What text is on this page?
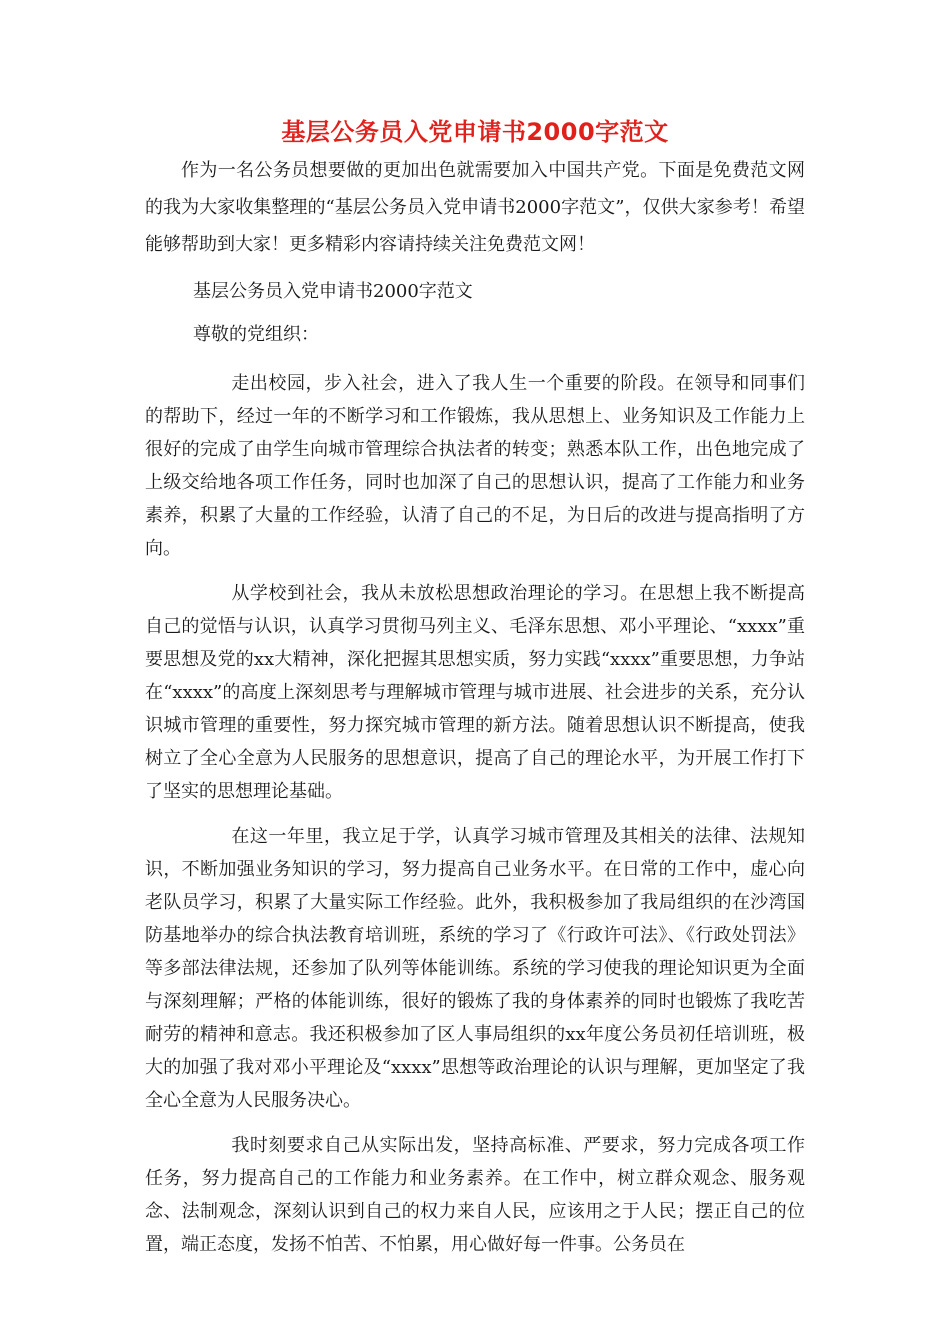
基层公务员入党申请书2000字范文

作为一名公务员想要做的更加出色就需要加入中国共产党。下面是免费范文网的我为大家收集整理的“基层公务员入党申请书2000字范文”，仅供大家参考！希望能够帮助到大家！更多精彩内容请持续关注免费范文网！

基层公务员入党申请书2000字范文

尊敬的党组织：

走出校园，步入社会，进入了我人生一个重要的阶段。在领导和同事们的帮助下，经过一年的不断学习和工作锻炼，我从思想上、业务知识及工作能力上很好的完成了由学生向城市管理综合执法者的转变；熟悉本队工作，出色地完成了上级交给地各项工作任务，同时也加深了自己的思想认识，提高了工作能力和业务素养，积累了大量的工作经验，认清了自己的不足，为日后的改进与提高指明了方向。

从学校到社会，我从未放松思想政治理论的学习。在思想上我不断提高自己的觉悟与认识，认真学习贯彻马列主义、毛泽东思想、邓小平理论、“xxxx”重要思想及党的xx大精神，深化把握其思想实质，努力实践“xxxx”重要思想，力争站在“xxxx”的高度上深刻思考与理解城市管理与城市进展、社会进步的关系，充分认识城市管理的重要性，努力探究城市管理的新方法。随着思想认识不断提高，使我树立了全心全意为人民服务的思想意识，提高了自己的理论水平，为开展工作打下了坚实的思想理论基础。

在这一年里，我立足于学，认真学习城市管理及其相关的法律、法规知识，不断加强业务知识的学习，努力提高自己业务水平。在日常的工作中，虚心向老队员学习，积累了大量实际工作经验。此外，我积极参加了我局组织的在沙湾国防基地举办的综合执法教育培训班，系统的学习了《行政许可法》、《行政处罚法》等多部法律法规，还参加了队列等体能训练。系统的学习使我的理论知识更为全面与深刻理解；严格的体能训练，很好的锻炼了我的身体素养的同时也锻炼了我吃苦耐劳的精神和意志。我还积极参加了区人事局组织的xx年度公务员初任培训班，极大的加强了我对邓小平理论及“xxxx”思想等政治理论的认识与理解，更加坚定了我全心全意为人民服务决心。

我时刻要求自己从实际出发，坚持高标准、严要求，努力完成各项工作任务，努力提高自己的工作能力和业务素养。在工作中，树立群众观念、服务观念、法制观念，深刻认识到自己的权力来自人民，应该用之于人民；摆正自己的位置，端正态度，发扬不怕苦、不怕累，用心做好每一件事。公务员在
